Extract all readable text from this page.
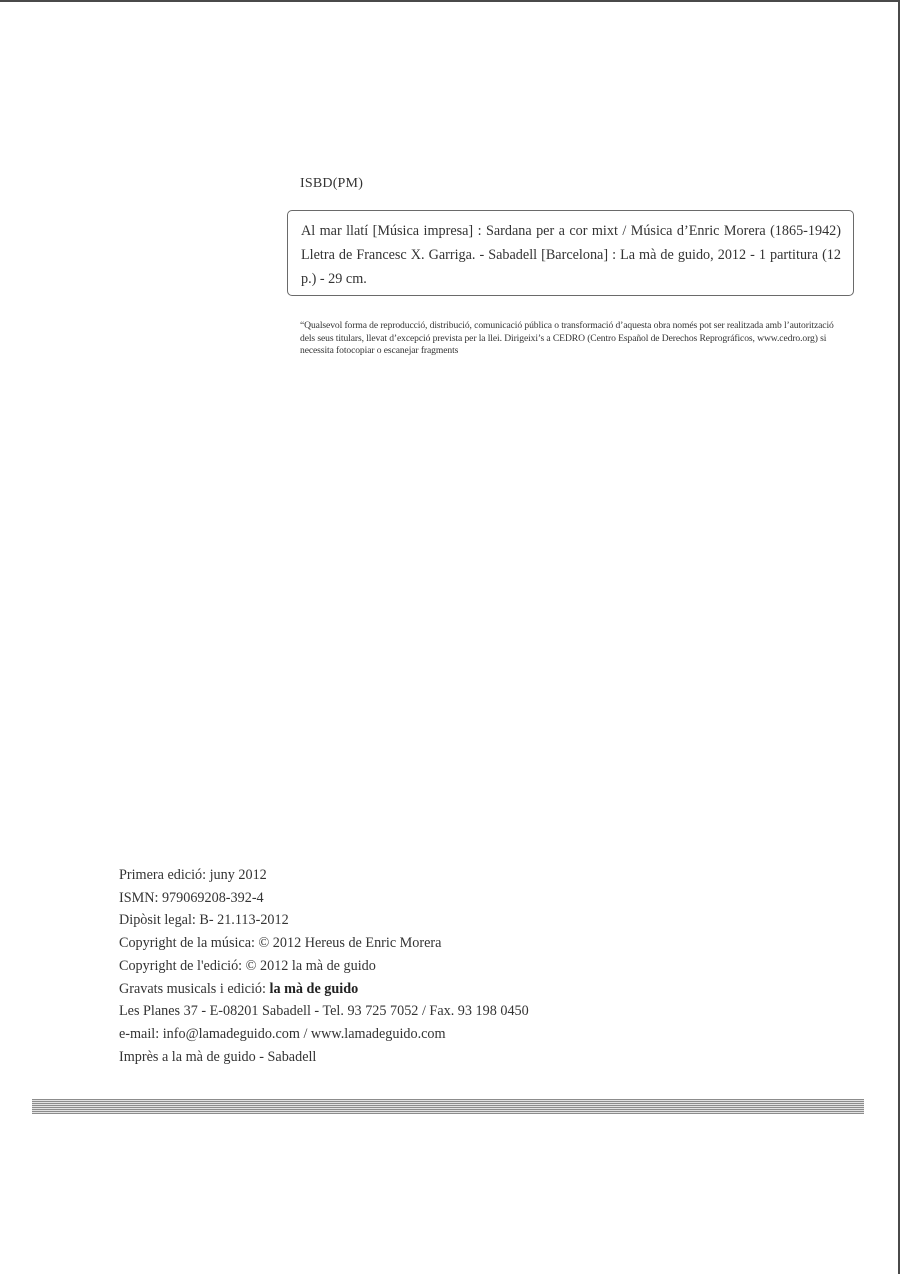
ISBD(PM)
Al mar llatí [Música impresa] : Sardana per a cor mixt / Música d’Enric Morera (1865-1942) Lletra de Francesc X. Garriga. - Sabadell [Barcelona] : La mà de guido, 2012 - 1 partitura (12 p.) - 29 cm.
“Qualsevol forma de reproducció, distribució, comunicació pública o transformació d’aquesta obra només pot ser realitzada amb l’autorització dels seus titulars, llevat d’excepció prevista per la llei. Dirigeixi’s a CEDRO (Centro Español de Derechos Reprográficos, www.cedro.org) si necessita fotocopiar o escanejar fragments
Primera edició: juny 2012
ISMN: 979069208-392-4
Dipòsit legal: B- 21.113-2012
Copyright de la música: © 2012 Hereus de Enric Morera
Copyright de l'edició: © 2012 la mà de guido
Gravats musicals i edició: la mà de guido
Les Planes 37 - E-08201 Sabadell - Tel. 93 725 7052 / Fax. 93 198 0450
e-mail: info@lamadeguido.com / www.lamadeguido.com
Imprès a la mà de guido - Sabadell
